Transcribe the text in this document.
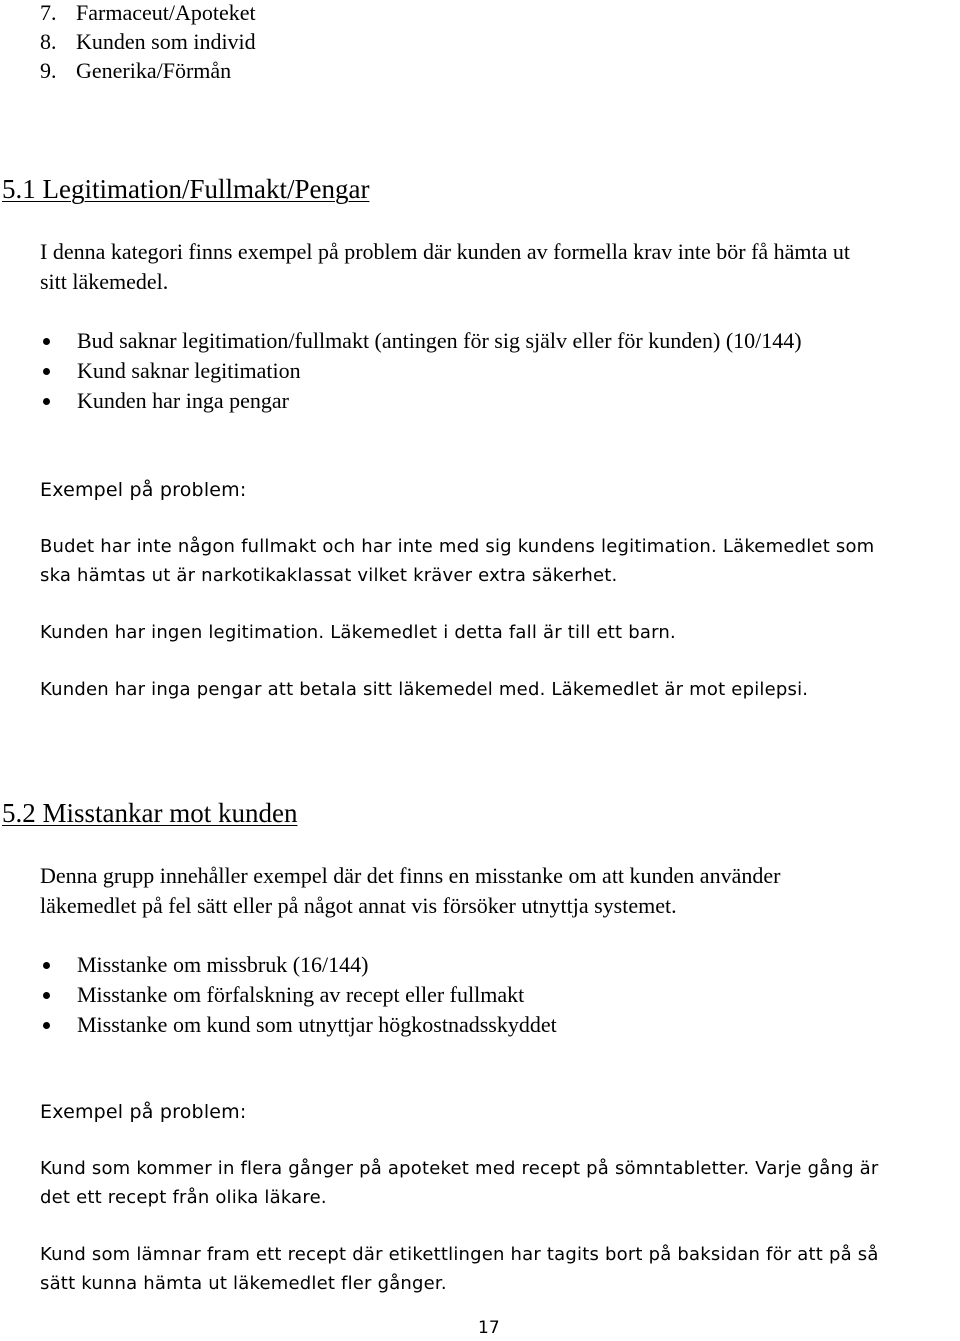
7. Farmaceut/Apoteket
8. Kunden som individ
9. Generika/Förmån
5.1 Legitimation/Fullmakt/Pengar
I denna kategori finns exempel på problem där kunden av formella krav inte bör få hämta ut
sitt läkemedel.
Bud saknar legitimation/fullmakt (antingen för sig själv eller för kunden) (10/144)
Kund saknar legitimation
Kunden har inga pengar
Exempel på problem:
Budet har inte någon fullmakt och har inte med sig kundens legitimation. Läkemedlet som
ska hämtas ut är narkotikaklassat vilket kräver extra säkerhet.
Kunden har ingen legitimation. Läkemedlet i detta fall är till ett barn.
Kunden har inga pengar att betala sitt läkemedel med. Läkemedlet är mot epilepsi.
5.2 Misstankar mot kunden
Denna grupp innehåller exempel där det finns en misstanke om att kunden använder
läkemedlet på fel sätt eller på något annat vis försöker utnyttja systemet.
Misstanke om missbruk (16/144)
Misstanke om förfalskning av recept eller fullmakt
Misstanke om kund som utnyttjar högkostnadsskyddet
Exempel på problem:
Kund som kommer in flera gånger på apoteket med recept på sömntabletter. Varje gång är
det ett recept från olika läkare.
Kund som lämnar fram ett recept där etikettlingen har tagits bort på baksidan för att på så
sätt kunna hämta ut läkemedlet fler gånger.
17
